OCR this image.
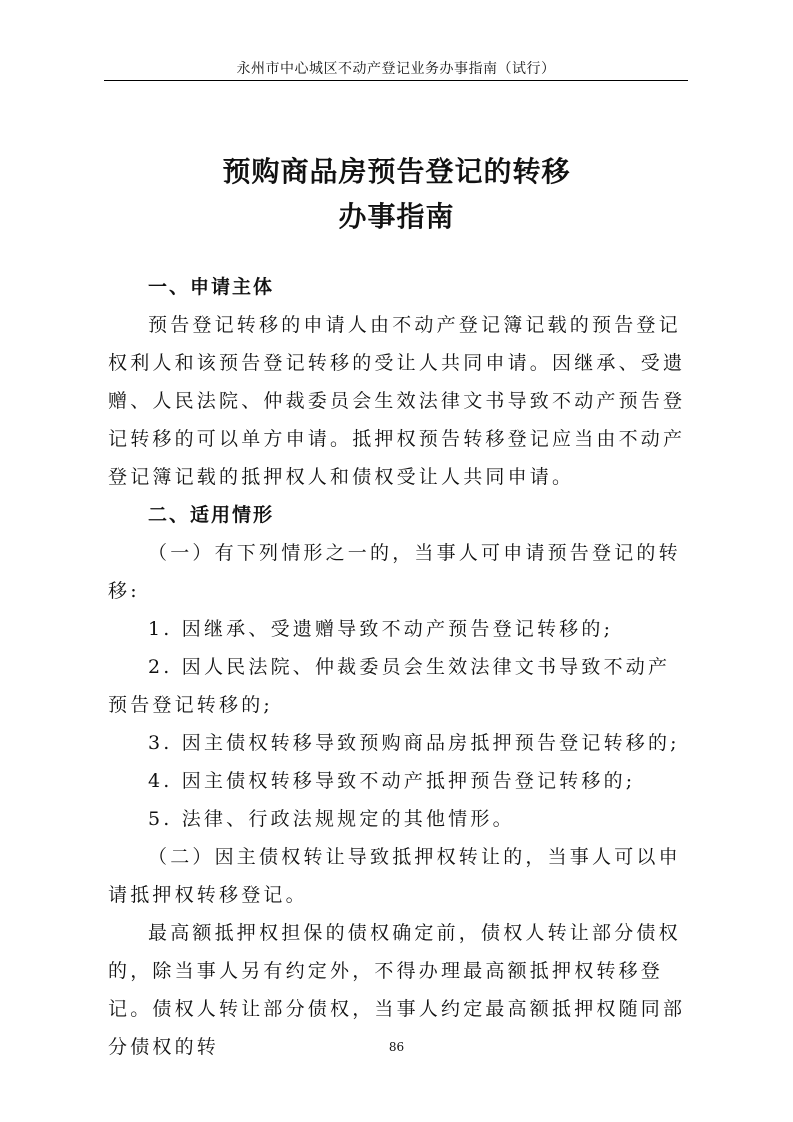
永州市中心城区不动产登记业务办事指南（试行）
预购商品房预告登记的转移
办事指南

一、申请主体

预告登记转移的申请人由不动产登记簿记载的预告登记权利人和该预告登记转移的受让人共同申请。因继承、受遗赠、人民法院、仲裁委员会生效法律文书导致不动产预告登记转移的可以单方申请。抵押权预告转移登记应当由不动产登记簿记载的抵押权人和债权受让人共同申请。

二、适用情形

（一）有下列情形之一的，当事人可申请预告登记的转移:

1. 因继承、受遗赠导致不动产预告登记转移的;

2. 因人民法院、仲裁委员会生效法律文书导致不动产预告登记转移的;

3. 因主债权转移导致预购商品房抵押预告登记转移的;

4. 因主债权转移导致不动产抵押预告登记转移的;

5. 法律、行政法规规定的其他情形。

（二）因主债权转让导致抵押权转让的，当事人可以申请抵押权转移登记。

最高额抵押权担保的债权确定前，债权人转让部分债权的，除当事人另有约定外，不得办理最高额抵押权转移登记。债权人转让部分债权，当事人约定最高额抵押权随同部分债权的转	86
